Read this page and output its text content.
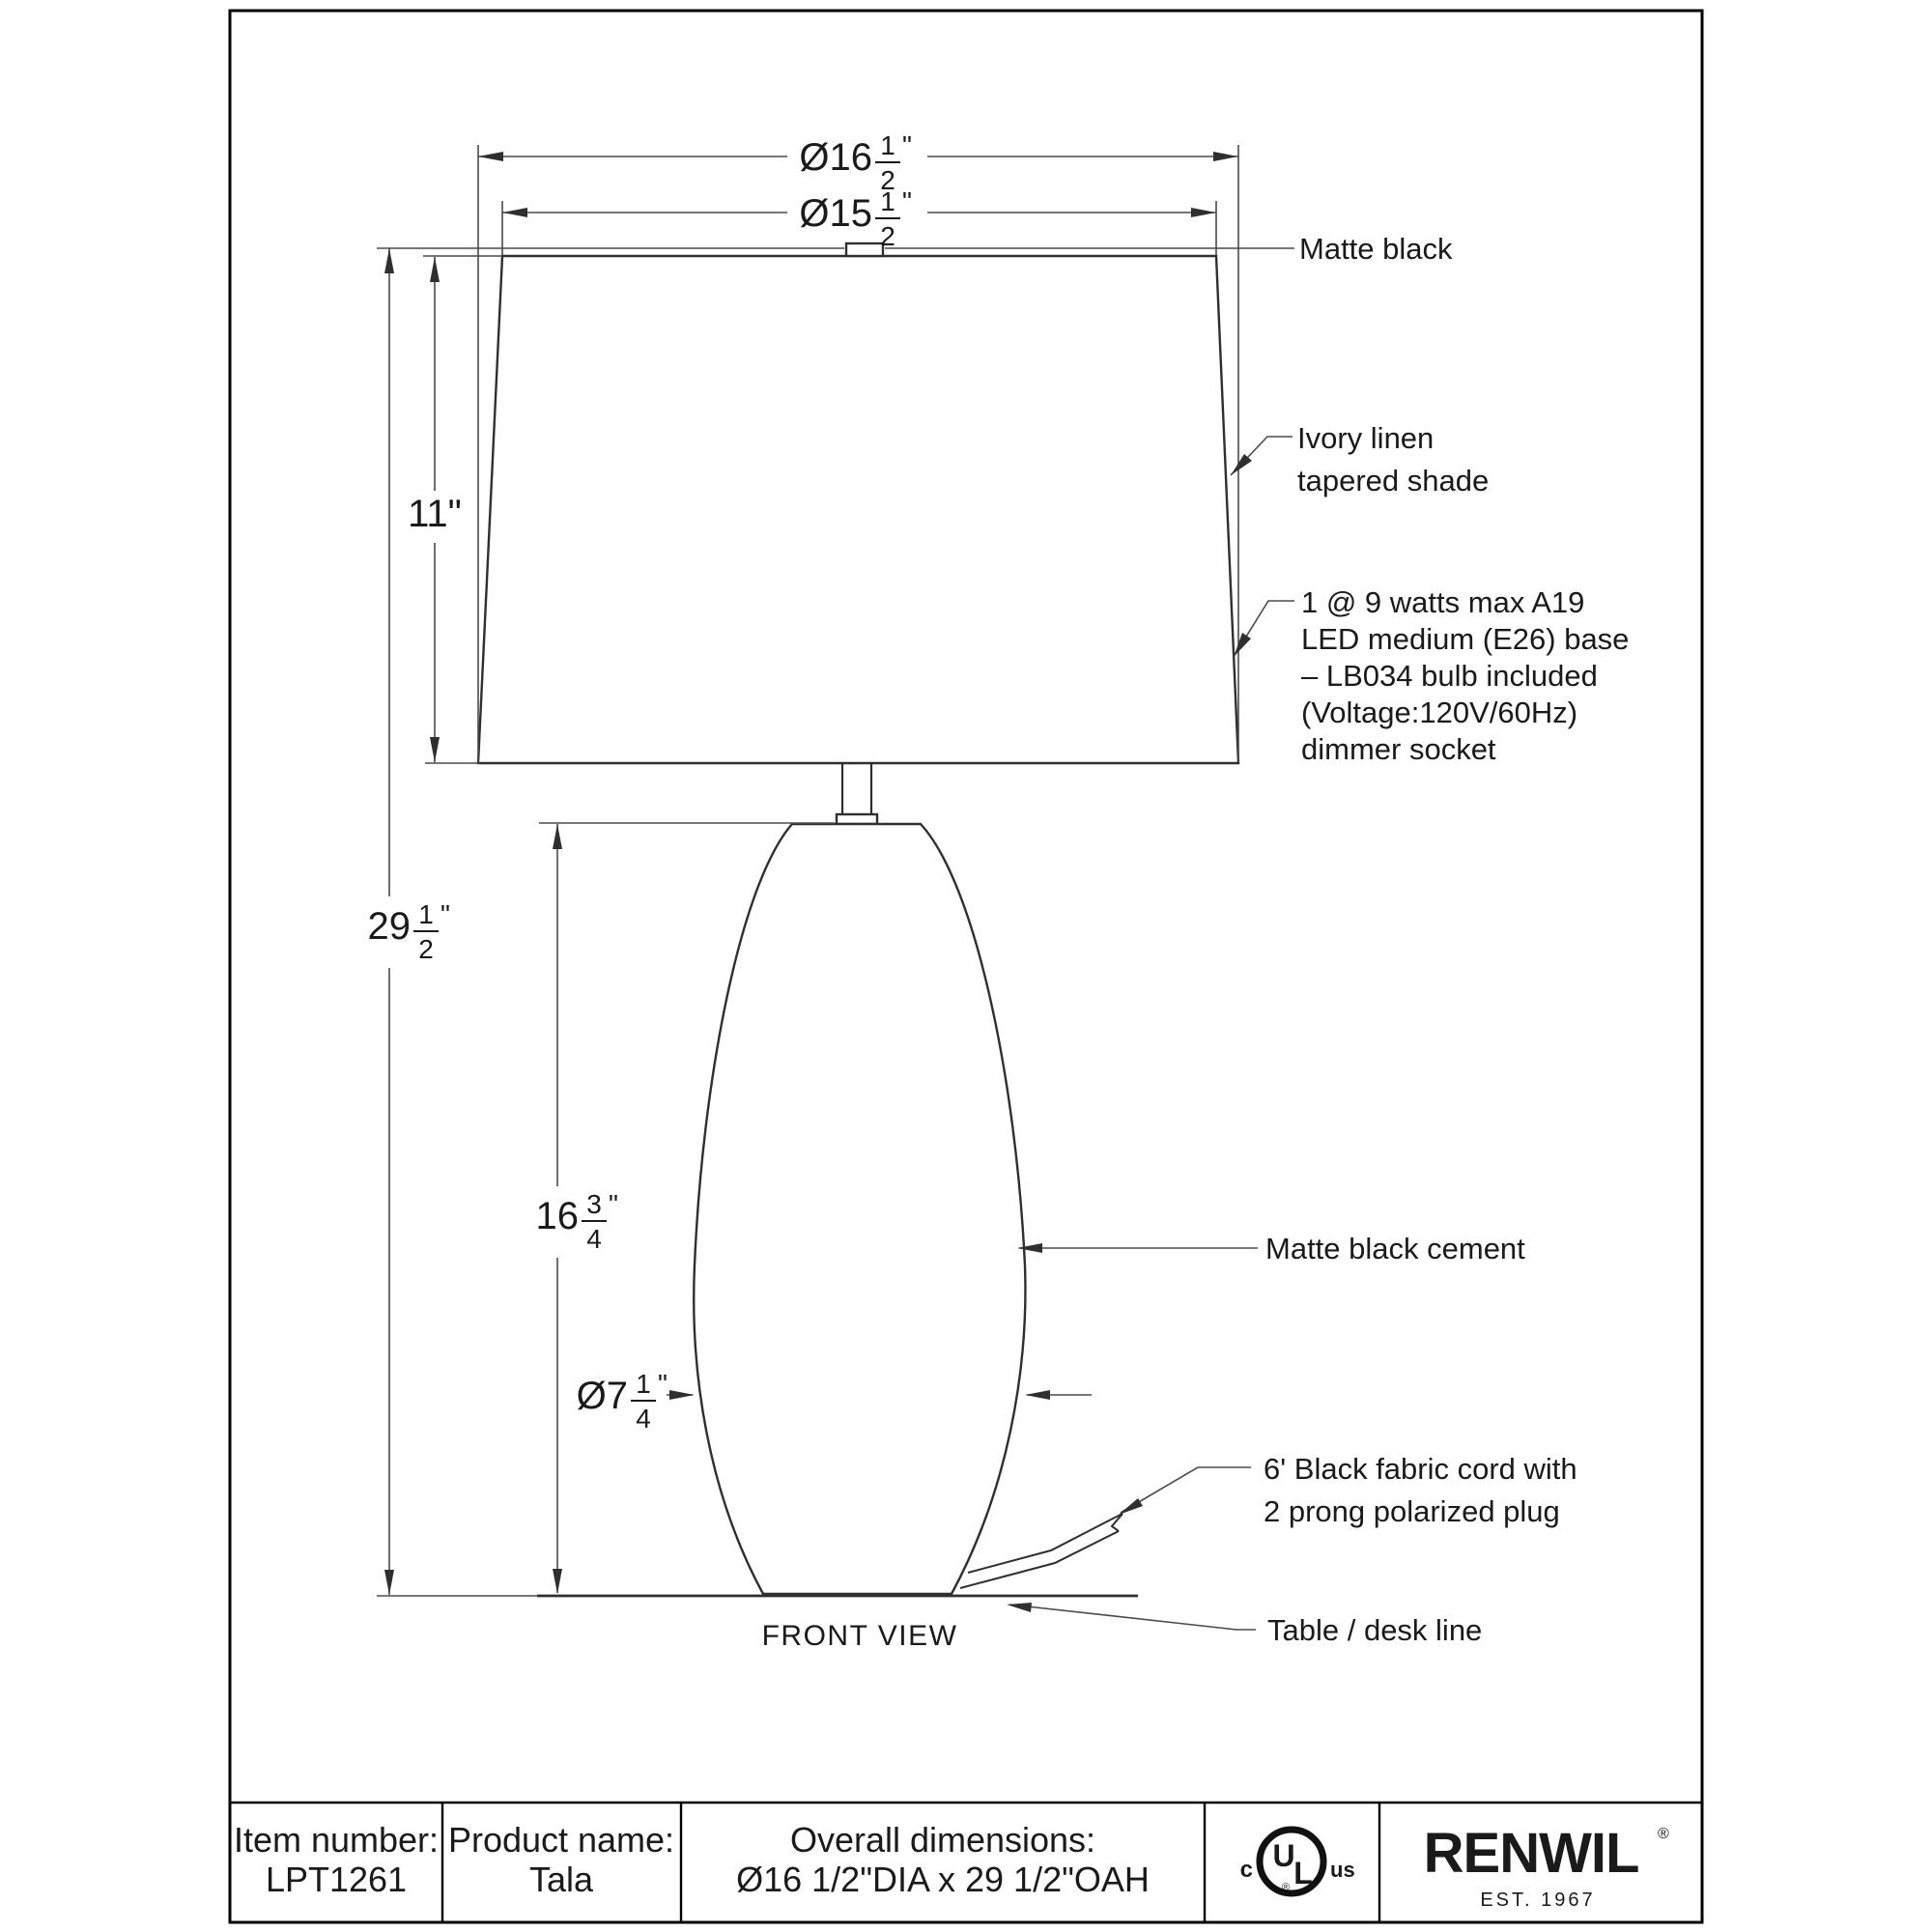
Ø16 1
2
"
Ø15 1
2
"
29 1
2
"
11"
16 3
4
"
Ø7 1
4
"
Matte black
Ivory linen
tapered shade
1 @ 9 watts max A19
LED medium (E26) base
– LB034 bulb included
(Voltage:120V/60Hz)
dimmer socket
Matte black cement
6' Black fabric cord with
2 prong polarized plug
Table / desk line
FRONT VIEW
Item number:
LPT1261
Product name:
Tala
Overall dimensions:
Ø16 1/2"DIA x 29 1/2"OAH
U
L
®
c	us RENWIL ®
EST. 1967
